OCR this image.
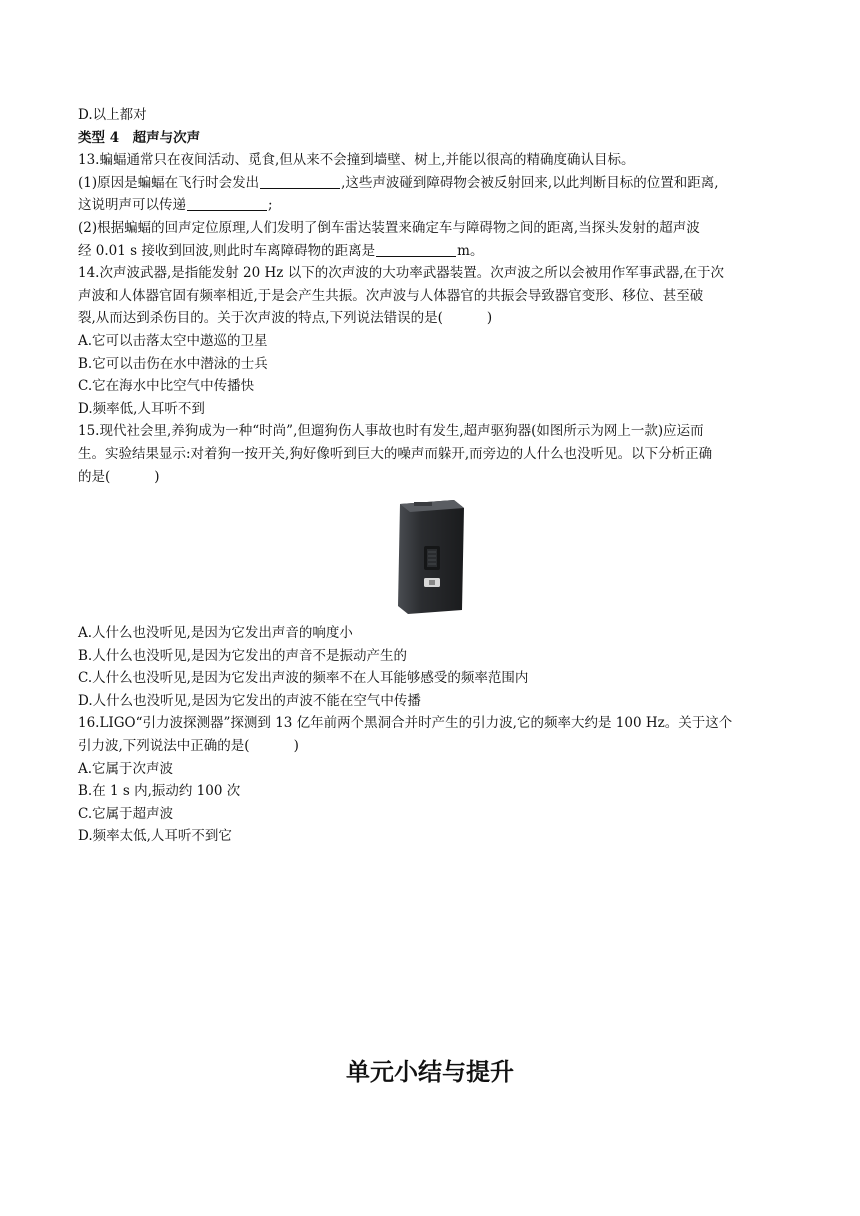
D.以上都对
类型 4　超声与次声
13.蝙蝠通常只在夜间活动、觅食,但从来不会撞到墙壁、树上,并能以很高的精确度确认目标。
(1)原因是蝙蝠在飞行时会发出	,这些声波碰到障碍物会被反射回来,以此判断目标的位置和距离,
这说明声可以传递	;
(2)根据蝙蝠的回声定位原理,人们发明了倒车雷达装置来确定车与障碍物之间的距离,当探头发射的超声波
经 0.01 s 接收到回波,则此时车离障碍物的距离是	m。
14.次声波武器,是指能发射 20 Hz 以下的次声波的大功率武器装置。次声波之所以会被用作军事武器,在于次
声波和人体器官固有频率相近,于是会产生共振。次声波与人体器官的共振会导致器官变形、移位、甚至破
裂,从而达到杀伤目的。关于次声波的特点,下列说法错误的是(	)
A.它可以击落太空中遨巡的卫星
B.它可以击伤在水中潜泳的士兵
C.它在海水中比空气中传播快
D.频率低,人耳听不到
15.现代社会里,养狗成为一种“时尚”,但遛狗伤人事故也时有发生,超声驱狗器(如图所示为网上一款)应运而
生。实验结果显示:对着狗一按开关,狗好像听到巨大的噪声而躲开,而旁边的人什么也没听见。以下分析正确
的是(	)
A.人什么也没听见,是因为它发出声音的响度小
B.人什么也没听见,是因为它发出的声音不是振动产生的
C.人什么也没听见,是因为它发出声波的频率不在人耳能够感受的频率范围内
D.人什么也没听见,是因为它发出的声波不能在空气中传播
16.LIGO“引力波探测器”探测到 13 亿年前两个黑洞合并时产生的引力波,它的频率大约是 100 Hz。关于这个
引力波,下列说法中正确的是(	)
A.它属于次声波
B.在 1 s 内,振动约 100 次
C.它属于超声波
D.频率太低,人耳听不到它
单元小结与提升
